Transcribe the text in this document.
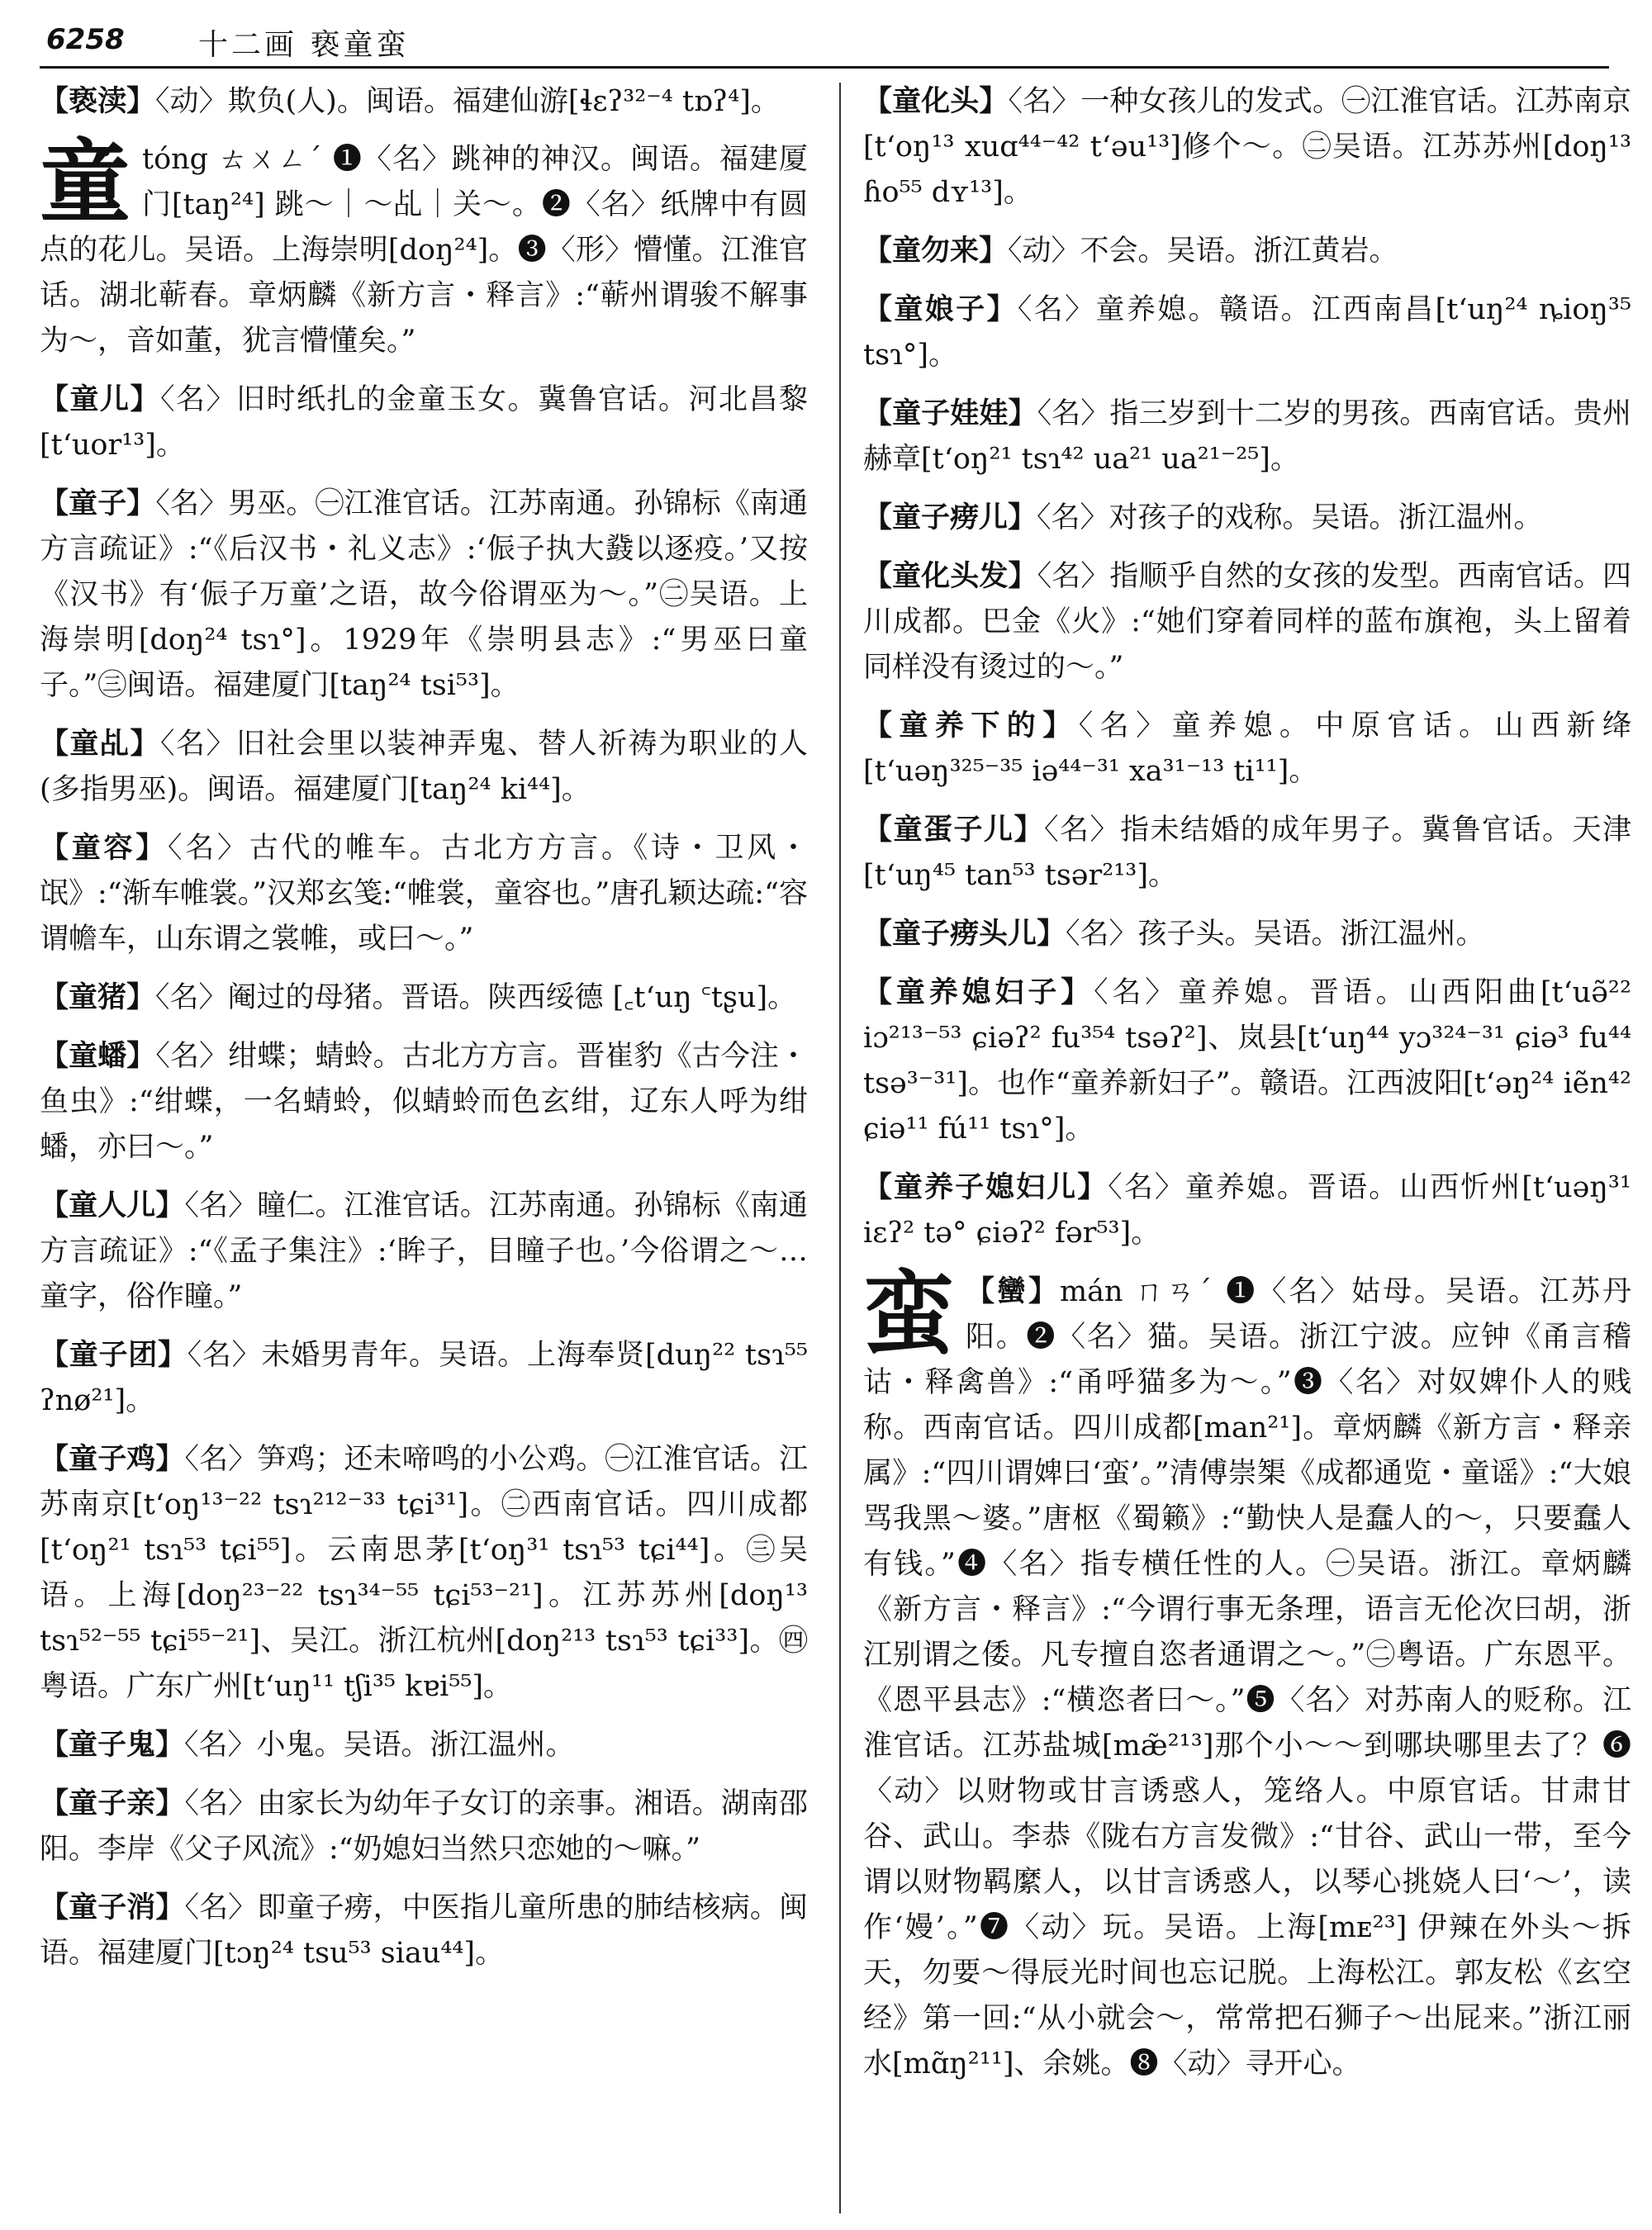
6258 十二画 亵童蛮

【亵渎】〈动〉欺负(人)。闽语。福建仙游[ɬɛʔ³²⁻⁴ tɒʔ⁴]。

童tóng ㄊㄨㄥˊ ❶〈名〉跳神的神汉。闽语。福建厦门[taŋ²⁴] 跳～｜～乩｜关～。❷〈名〉纸牌中有圆点的花儿。吴语。上海崇明[doŋ²⁴]。❸〈形〉懵懂。江淮官话。湖北蕲春。章炳麟《新方言・释言》:“蕲州谓骏不解事为～，音如董，犹言懵懂矣。”

【童儿】〈名〉旧时纸扎的金童玉女。冀鲁官话。河北昌黎[tʻuor¹³]。

【童子】〈名〉男巫。㊀江淮官话。江苏南通。孙锦标《南通方言疏证》:“《后汉书・礼义志》:‘侲子执大鼗以逐疫。’又按《汉书》有‘侲子万童’之语，故今俗谓巫为～。”㊁吴语。上海崇明[doŋ²⁴ tsɿ°]。1929年《崇明县志》:“男巫曰童子。”㊂闽语。福建厦门[taŋ²⁴ tsi⁵³]。

【童乩】〈名〉旧社会里以装神弄鬼、替人祈祷为职业的人(多指男巫)。闽语。福建厦门[taŋ²⁴ ki⁴⁴]。

【童容】〈名〉古代的帷车。古北方方言。《诗・卫风・氓》:“渐车帷裳。”汉郑玄笺:“帷裳，童容也。”唐孔颖达疏:“容谓幨车，山东谓之裳帷，或曰～。”

【童猪】〈名〉阉过的母猪。晋语。陕西绥德 [꜀tʻuŋ ꜂tʂu]。

【童蟠】〈名〉绀蝶；蜻蛉。古北方方言。晋崔豹《古今注・鱼虫》:“绀蝶，一名蜻蛉，似蜻蛉而色玄绀，辽东人呼为绀蟠，亦曰～。”

【童人儿】〈名〉瞳仁。江淮官话。江苏南通。孙锦标《南通方言疏证》:“《孟子集注》:‘眸子，目瞳子也。’今俗谓之～…童字，俗作瞳。”

【童子团】〈名〉未婚男青年。吴语。上海奉贤[duŋ²² tsɿ⁵⁵ ʔnø²¹]。

【童子鸡】〈名〉笋鸡；还未啼鸣的小公鸡。㊀江淮官话。江苏南京[tʻoŋ¹³⁻²² tsɿ²¹²⁻³³ tɕi³¹]。㊁西南官话。四川成都[tʻoŋ²¹ tsɿ⁵³ tɕi⁵⁵]。云南思茅[tʻoŋ³¹ tsɿ⁵³ tɕi⁴⁴]。㊂吴语。上海[doŋ²³⁻²² tsɿ³⁴⁻⁵⁵ tɕi⁵³⁻²¹]。江苏苏州[doŋ¹³ tsɿ⁵²⁻⁵⁵ tɕi⁵⁵⁻²¹]、吴江。浙江杭州[doŋ²¹³ tsɿ⁵³ tɕi³³]。㊃粤语。广东广州[tʻuŋ¹¹ tʃi³⁵ kɐi⁵⁵]。

【童子鬼】〈名〉小鬼。吴语。浙江温州。

【童子亲】〈名〉由家长为幼年子女订的亲事。湘语。湖南邵阳。李岸《父子风流》:“奶媳妇当然只恋她的～嘛。”

【童子消】〈名〉即童子痨，中医指儿童所患的肺结核病。闽语。福建厦门[tɔŋ²⁴ tsu⁵³ siau⁴⁴]。

【童化头】〈名〉一种女孩儿的发式。㊀江淮官话。江苏南京[tʻoŋ¹³ xuɑ⁴⁴⁻⁴² tʻəu¹³]修个～。㊁吴语。江苏苏州[doŋ¹³ ɦo⁵⁵ dʏ¹³]。

【童勿来】〈动〉不会。吴语。浙江黄岩。

【童娘子】〈名〉童养媳。赣语。江西南昌[tʻuŋ²⁴ ȵioŋ³⁵ tsɿ°]。

【童子娃娃】〈名〉指三岁到十二岁的男孩。西南官话。贵州赫章[tʻoŋ²¹ tsɿ⁴² ua²¹ ua²¹⁻²⁵]。

【童子痨儿】〈名〉对孩子的戏称。吴语。浙江温州。

【童化头发】〈名〉指顺乎自然的女孩的发型。西南官话。四川成都。巴金《火》:“她们穿着同样的蓝布旗袍，头上留着同样没有烫过的～。”

【童养下的】〈名〉童养媳。中原官话。山西新绛[tʻuəŋ³²⁵⁻³⁵ iə⁴⁴⁻³¹ xa³¹⁻¹³ ti¹¹]。

【童蛋子儿】〈名〉指未结婚的成年男子。冀鲁官话。天津[tʻuŋ⁴⁵ tan⁵³ tsər²¹³]。

【童子痨头儿】〈名〉孩子头。吴语。浙江温州。

【童养媳妇子】〈名〉童养媳。晋语。山西阳曲[tʻuə̃²² iɔ²¹³⁻⁵³ ɕiəʔ² fu³⁵⁴ tsəʔ²]、岚县[tʻuŋ⁴⁴ yɔ³²⁴⁻³¹ ɕiə³ fu⁴⁴ tsə³⁻³¹]。也作“童养新妇子”。赣语。江西波阳[tʻəŋ²⁴ iẽn⁴² ɕiə¹¹ fú¹¹ tsɿ°]。

【童养子媳妇儿】〈名〉童养媳。晋语。山西忻州[tʻuəŋ³¹ iɛʔ² tə° ɕiəʔ² fər⁵³]。

蛮 【蠻】mán ㄇㄢˊ ❶〈名〉姑母。吴语。江苏丹阳。❷〈名〉猫。吴语。浙江宁波。应钟《甬言稽诂・释禽兽》:“甬呼猫多为～。”❸〈名〉对奴婢仆人的贱称。西南官话。四川成都[man²¹]。章炳麟《新方言・释亲属》:“四川谓婢曰‘蛮’。”清傅崇榘《成都通览・童谣》:“大娘骂我黑～婆。”唐枢《蜀籁》:“勤快人是蠢人的～，只要蠢人有钱。”❹〈名〉指专横任性的人。㊀吴语。浙江。章炳麟《新方言・释言》:“今谓行事无条理，语言无伦次曰胡，浙江别谓之倭。凡专擅自恣者通谓之～。”㊁粤语。广东恩平。《恩平县志》:“横恣者曰～。”❺〈名〉对苏南人的贬称。江淮官话。江苏盐城[mæ̃²¹³]那个小～～到哪块哪里去了？❻〈动〉以财物或甘言诱惑人，笼络人。中原官话。甘肃甘谷、武山。李恭《陇右方言发微》:“甘谷、武山一带，至今谓以财物羁縻人，以甘言诱惑人，以琴心挑娆人曰‘～’，读作‘嫚’。”❼〈动〉玩。吴语。上海[mᴇ²³] 伊辣在外头～拆天，勿要～得辰光时间也忘记脱。上海松江。郭友松《玄空经》第一回:“从小就会～，常常把石狮子～出屁来。”浙江丽水[mɑ̃ŋ²¹¹]、余姚。❽〈动〉寻开心。
